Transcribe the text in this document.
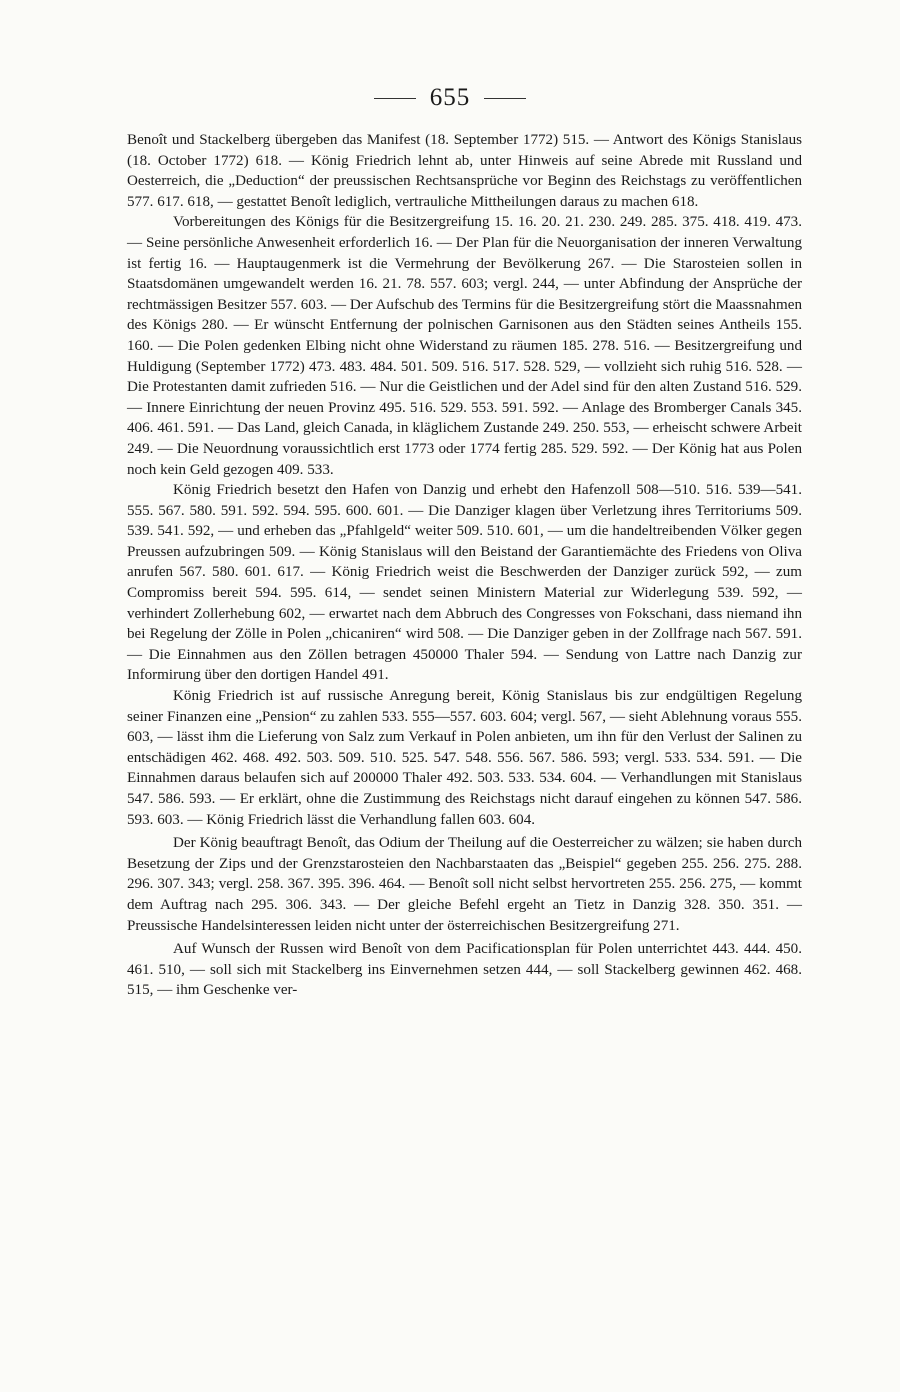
655

Benoît und Stackelberg übergeben das Manifest (18. September 1772) 515. — Antwort des Königs Stanislaus (18. October 1772) 618. — König Friedrich lehnt ab, unter Hinweis auf seine Abrede mit Russland und Oesterreich, die „Deduction“ der preussischen Rechtsansprüche vor Beginn des Reichstags zu veröffentlichen 577. 617. 618, — gestattet Benoît lediglich, vertrauliche Mittheilungen daraus zu machen 618.

Vorbereitungen des Königs für die Besitzergreifung 15. 16. 20. 21. 230. 249. 285. 375. 418. 419. 473. — Seine persönliche Anwesenheit erforderlich 16. — Der Plan für die Neuorganisation der inneren Verwaltung ist fertig 16. — Hauptaugenmerk ist die Vermehrung der Bevölkerung 267. — Die Starosteien sollen in Staatsdomänen umgewandelt werden 16. 21. 78. 557. 603; vergl. 244, — unter Abfindung der Ansprüche der rechtmässigen Besitzer 557. 603. — Der Aufschub des Termins für die Besitzergreifung stört die Maassnahmen des Königs 280. — Er wünscht Entfernung der polnischen Garnisonen aus den Städten seines Antheils 155. 160. — Die Polen gedenken Elbing nicht ohne Widerstand zu räumen 185. 278. 516. — Besitzergreifung und Huldigung (September 1772) 473. 483. 484. 501. 509. 516. 517. 528. 529, — vollzieht sich ruhig 516. 528. — Die Protestanten damit zufrieden 516. — Nur die Geistlichen und der Adel sind für den alten Zustand 516. 529. — Innere Einrichtung der neuen Provinz 495. 516. 529. 553. 591. 592. — Anlage des Bromberger Canals 345. 406. 461. 591. — Das Land, gleich Canada, in kläglichem Zustande 249. 250. 553, — erheischt schwere Arbeit 249. — Die Neuordnung voraussichtlich erst 1773 oder 1774 fertig 285. 529. 592. — Der König hat aus Polen noch kein Geld gezogen 409. 533.

König Friedrich besetzt den Hafen von Danzig und erhebt den Hafenzoll 508—510. 516. 539—541. 555. 567. 580. 591. 592. 594. 595. 600. 601. — Die Danziger klagen über Verletzung ihres Territoriums 509. 539. 541. 592, — und erheben das „Pfahlgeld“ weiter 509. 510. 601, — um die handeltreibenden Völker gegen Preussen aufzubringen 509. — König Stanislaus will den Beistand der Garantiemächte des Friedens von Oliva anrufen 567. 580. 601. 617. — König Friedrich weist die Beschwerden der Danziger zurück 592, — zum Compromiss bereit 594. 595. 614, — sendet seinen Ministern Material zur Widerlegung 539. 592, — verhindert Zollerhebung 602, — erwartet nach dem Abbruch des Congresses von Fokschani, dass niemand ihn bei Regelung der Zölle in Polen „chicaniren“ wird 508. — Die Danziger geben in der Zollfrage nach 567. 591. — Die Einnahmen aus den Zöllen betragen 450000 Thaler 594. — Sendung von Lattre nach Danzig zur Informirung über den dortigen Handel 491.

König Friedrich ist auf russische Anregung bereit, König Stanislaus bis zur endgültigen Regelung seiner Finanzen eine „Pension“ zu zahlen 533. 555—557. 603. 604; vergl. 567, — sieht Ablehnung voraus 555. 603, — lässt ihm die Lieferung von Salz zum Verkauf in Polen anbieten, um ihn für den Verlust der Salinen zu entschädigen 462. 468. 492. 503. 509. 510. 525. 547. 548. 556. 567. 586. 593; vergl. 533. 534. 591. — Die Einnahmen daraus belaufen sich auf 200000 Thaler 492. 503. 533. 534. 604. — Verhandlungen mit Stanislaus 547. 586. 593. — Er erklärt, ohne die Zustimmung des Reichstags nicht darauf eingehen zu können 547. 586. 593. 603. — König Friedrich lässt die Verhandlung fallen 603. 604.

Der König beauftragt Benoît, das Odium der Theilung auf die Oesterreicher zu wälzen; sie haben durch Besetzung der Zips und der Grenzstarosteien den Nachbarstaaten das „Beispiel“ gegeben 255. 256. 275. 288. 296. 307. 343; vergl. 258. 367. 395. 396. 464. — Benoît soll nicht selbst hervortreten 255. 256. 275, — kommt dem Auftrag nach 295. 306. 343. — Der gleiche Befehl ergeht an Tietz in Danzig 328. 350. 351. — Preussische Handelsinteressen leiden nicht unter der österreichischen Besitzergreifung 271.

Auf Wunsch der Russen wird Benoît von dem Pacificationsplan für Polen unterrichtet 443. 444. 450. 461. 510, — soll sich mit Stackelberg ins Einvernehmen setzen 444, — soll Stackelberg gewinnen 462. 468. 515, — ihm Geschenke ver-
